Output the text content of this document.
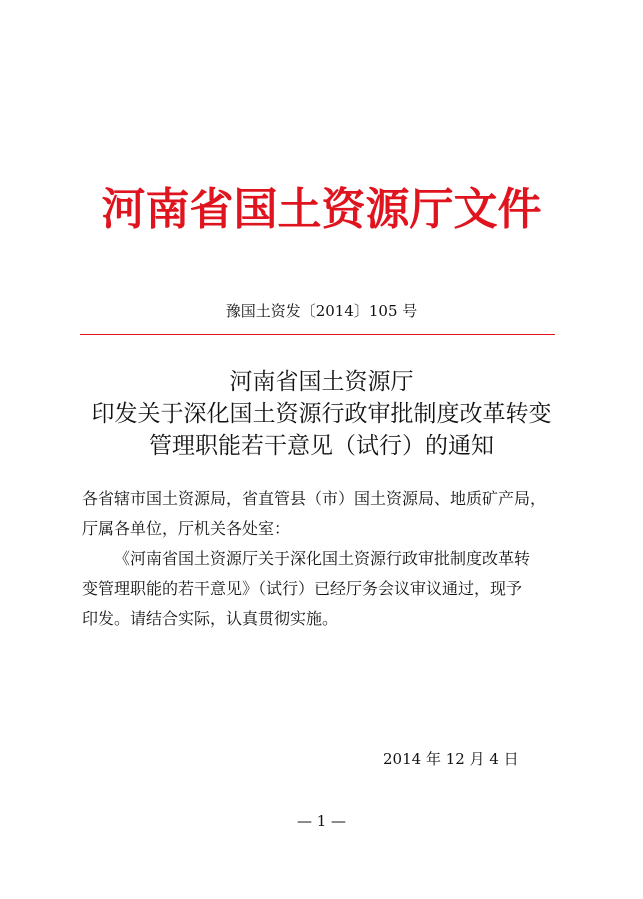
河南省国土资源厅文件
豫国土资发〔2014〕105 号
河南省国土资源厅
印发关于深化国土资源行政审批制度改革转变
管理职能若干意见（试行）的通知
各省辖市国土资源局，省直管县（市）国土资源局、地质矿产局，
厅属各单位，厅机关各处室：
《河南省国土资源厅关于深化国土资源行政审批制度改革转
变管理职能的若干意见》（试行）已经厅务会议审议通过，现予
印发。请结合实际，认真贯彻实施。
2014 年 12 月 4 日
— 1 —
